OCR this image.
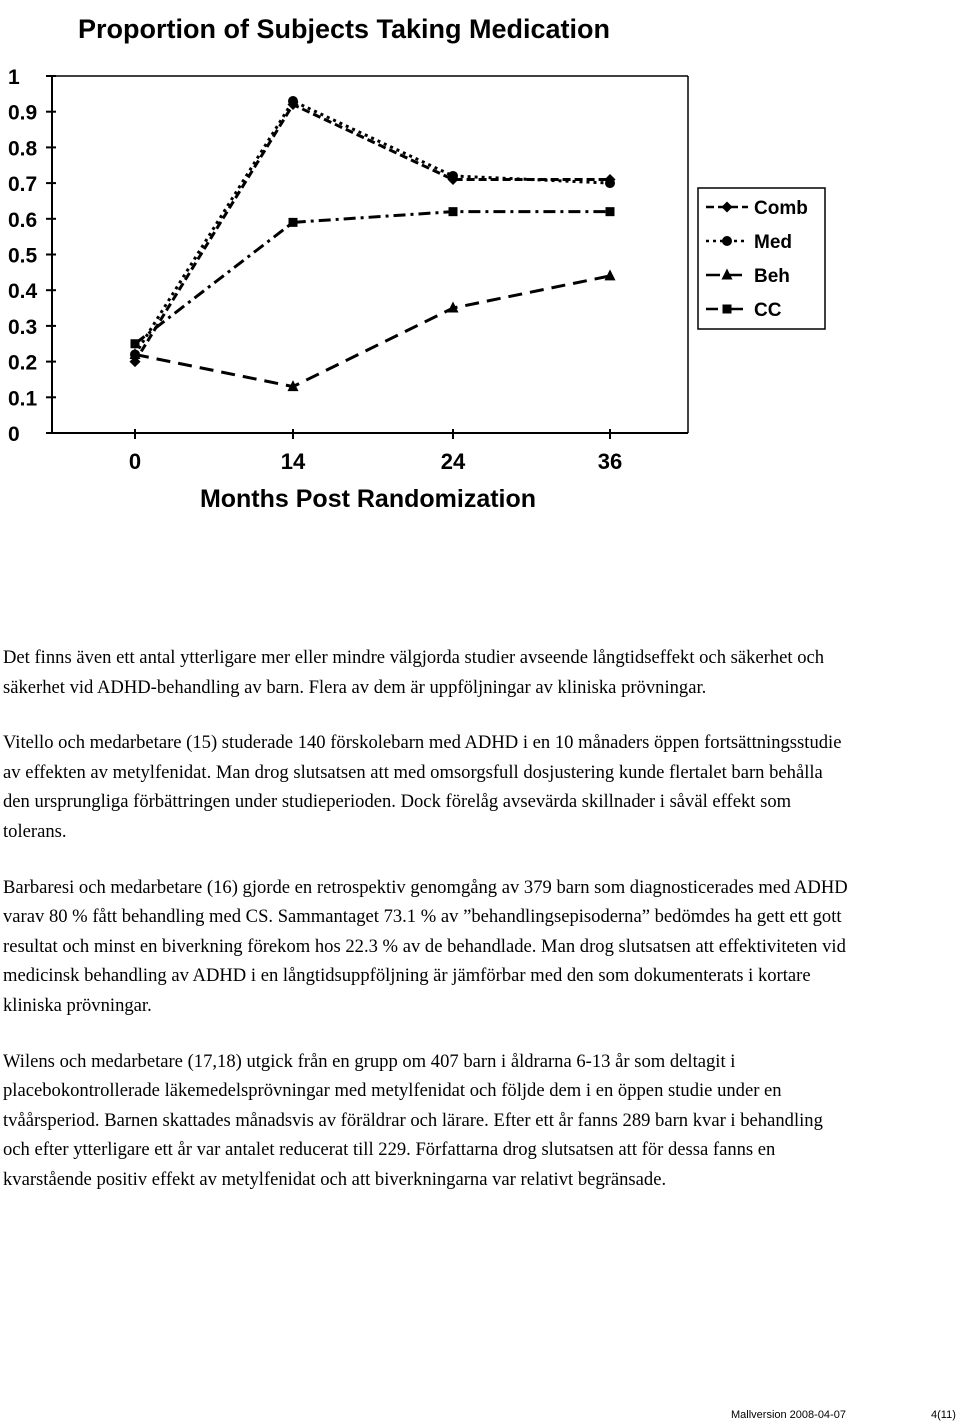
Proportion of Subjects Taking Medication
1
0.9
0.8
0.7
0.6
0.5
0.4
0.3
0.2
0.1
0
0	14	24	36
Comb
Med
Beh
CC
Months Post Randomization

Det finns även ett antal ytterligare mer eller mindre välgjorda studier avseende långtidseffekt och säkerhet och säkerhet vid ADHD-behandling av barn. Flera av dem är uppföljningar av kliniska prövningar.

Vitello och medarbetare (15) studerade 140 förskolebarn med ADHD i en 10 månaders öppen fortsättningsstudie av effekten av metylfenidat. Man drog slutsatsen att med omsorgsfull dosjustering kunde flertalet barn behålla den ursprungliga förbättringen under studieperioden. Dock förelåg avsevärda skillnader i såväl effekt som tolerans.

Barbaresi och medarbetare (16) gjorde en retrospektiv genomgång av 379 barn som diagnosticerades med ADHD varav 80 % fått behandling med CS. Sammantaget 73.1 % av ”behandlingsepisoderna” bedömdes ha gett ett gott resultat och minst en biverkning förekom hos 22.3 % av de behandlade. Man drog slutsatsen att effektiviteten vid medicinsk behandling av ADHD i en långtidsuppföljning är jämförbar med den som dokumenterats i kortare kliniska prövningar.

Wilens och medarbetare (17,18) utgick från en grupp om 407 barn i åldrarna 6-13 år som deltagit i placebokontrollerade läkemedelsprövningar med metylfenidat och följde dem i en öppen studie under en tvåårsperiod. Barnen skattades månadsvis av föräldrar och lärare. Efter ett år fanns 289 barn kvar i behandling och efter ytterligare ett år var antalet reducerat till 229. Författarna drog slutsatsen att för dessa fanns en kvarstående positiv effekt av metylfenidat och att biverkningarna var relativt begränsade.

Mallversion 2008-04-07	4(11)
